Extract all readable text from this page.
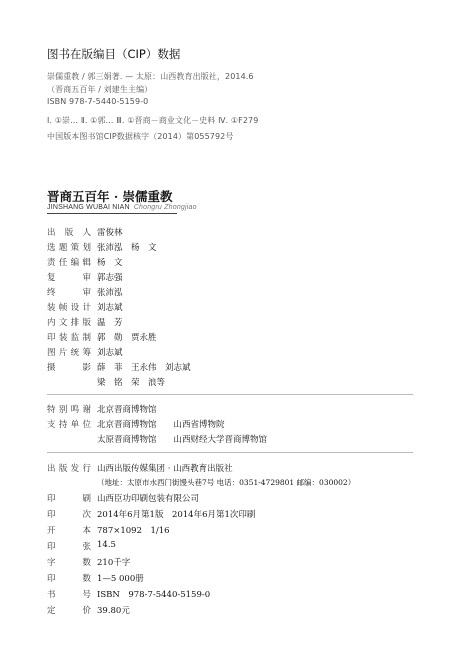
图书在版编目（CIP）数据
崇儒重教 / 郭三娟著. — 太原：山西教育出版社，2014.6
（晋商五百年 / 刘建生主编）
ISBN 978-7-5440-5159-0
Ⅰ. ①崇… Ⅱ. ①郭… Ⅲ. ①晋商－商业文化－史料 Ⅳ. ①F279
中国版本图书馆CIP数据核字（2014）第055792号
晋商五百年 · 崇儒重教
JINSHANG WUBAI NIAN Chongru Zhongjiao
出版人 雷俊林
选题策划 张沛泓　杨　文
责任编辑 杨　文
复审 郭志强
终审 张沛泓
装帧设计 刘志斌
内文排版 温　芳
印装监制 郭　勋　贾永胜
图片统筹 刘志斌
摄影 薛　菲　王永伟　刘志斌
梁　铭　荣　浪等
特别鸣谢 北京晋商博物馆
支持单位 北京晋商博物馆　　山西省博物院
太原晋商博物馆　　山西财经大学晋商博物馆
出版发行 山西出版传媒集团 · 山西教育出版社
（地址：太原市水西门街馒头巷7号 电话：0351-4729801 邮编：030002）
印刷 山西臣功印刷包装有限公司
印次 2014年6月第1版　2014年6月第1次印刷
开本 787×1092　1/16
印张 14.5
字数 210千字
印数 1—5 000册
书号 ISBN　978-7-5440-5159-0
定价 39.80元
